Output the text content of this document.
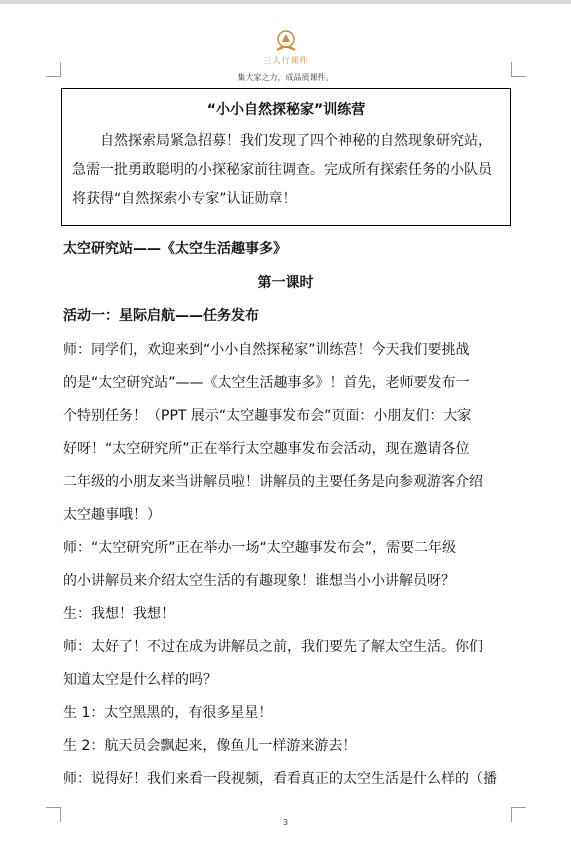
三人行课件
集大家之力，成品质课件。
“小小自然探秘家”训练营
自然探索局紧急招募！我们发现了四个神秘的自然现象研究站，
急需一批勇敢聪明的小探秘家前往调查。完成所有探索任务的小队员
将获得“自然探索小专家”认证勋章！
太空研究站——《太空生活趣事多》
第一课时
活动一：星际启航——任务发布
师：同学们，欢迎来到“小小自然探秘家”训练营！今天我们要挑战
的是“太空研究站”——《太空生活趣事多》！首先，老师要发布一
个特别任务！（PPT 展示“太空趣事发布会”页面：小朋友们：大家
好呀！“太空研究所”正在举行太空趣事发布会活动，现在邀请各位
二年级的小朋友来当讲解员啦！讲解员的主要任务是向参观游客介绍
太空趣事哦！）
师：“太空研究所”正在举办一场“太空趣事发布会”，需要二年级
的小讲解员来介绍太空生活的有趣现象！谁想当小小讲解员呀？
生：我想！我想！
师：太好了！不过在成为讲解员之前，我们要先了解太空生活。你们
知道太空是什么样的吗？
生 1：太空黑黑的，有很多星星！
生 2：航天员会飘起来，像鱼儿一样游来游去！
师：说得好！我们来看一段视频，看看真正的太空生活是什么样的（播
3
